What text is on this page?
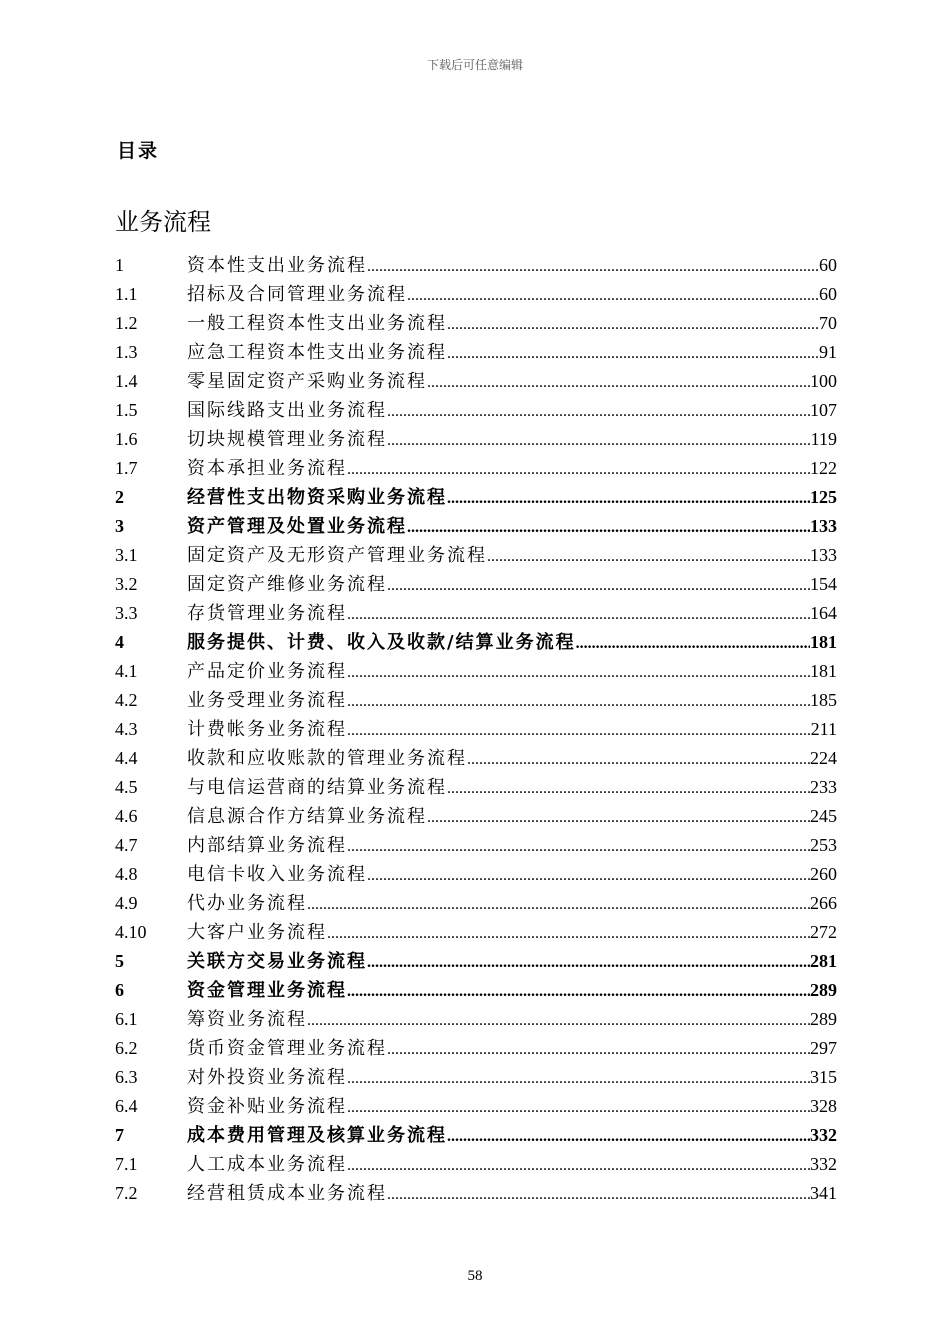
下载后可任意编辑
目录
业务流程
1	资本性支出业务流程 .....	60
1.1	招标及合同管理业务流程 .....	60
1.2	一般工程资本性支出业务流程 .....	70
1.3	应急工程资本性支出业务流程 .....	91
1.4	零星固定资产采购业务流程 .....	100
1.5	国际线路支出业务流程 .....	107
1.6	切块规模管理业务流程 .....	119
1.7	资本承担业务流程 .....	122
2	经营性支出物资采购业务流程 .....	125
3	资产管理及处置业务流程 .....	133
3.1	固定资产及无形资产管理业务流程 .....	133
3.2	固定资产维修业务流程 .....	154
3.3	存货管理业务流程 .....	164
4	服务提供、计费、收入及收款/结算业务流程 .....	181
4.1	产品定价业务流程 .....	181
4.2	业务受理业务流程 .....	185
4.3	计费帐务业务流程 .....	211
4.4	收款和应收账款的管理业务流程 .....	224
4.5	与电信运营商的结算业务流程 .....	233
4.6	信息源合作方结算业务流程 .....	245
4.7	内部结算业务流程 .....	253
4.8	电信卡收入业务流程 .....	260
4.9	代办业务流程 .....	266
4.10	大客户业务流程 .....	272
5	关联方交易业务流程 .....	281
6	资金管理业务流程 .....	289
6.1	筹资业务流程 .....	289
6.2	货币资金管理业务流程 .....	297
6.3	对外投资业务流程 .....	315
6.4	资金补贴业务流程 .....	328
7	成本费用管理及核算业务流程 .....	332
7.1	人工成本业务流程 .....	332
7.2	经营租赁成本业务流程 .....	341
58
